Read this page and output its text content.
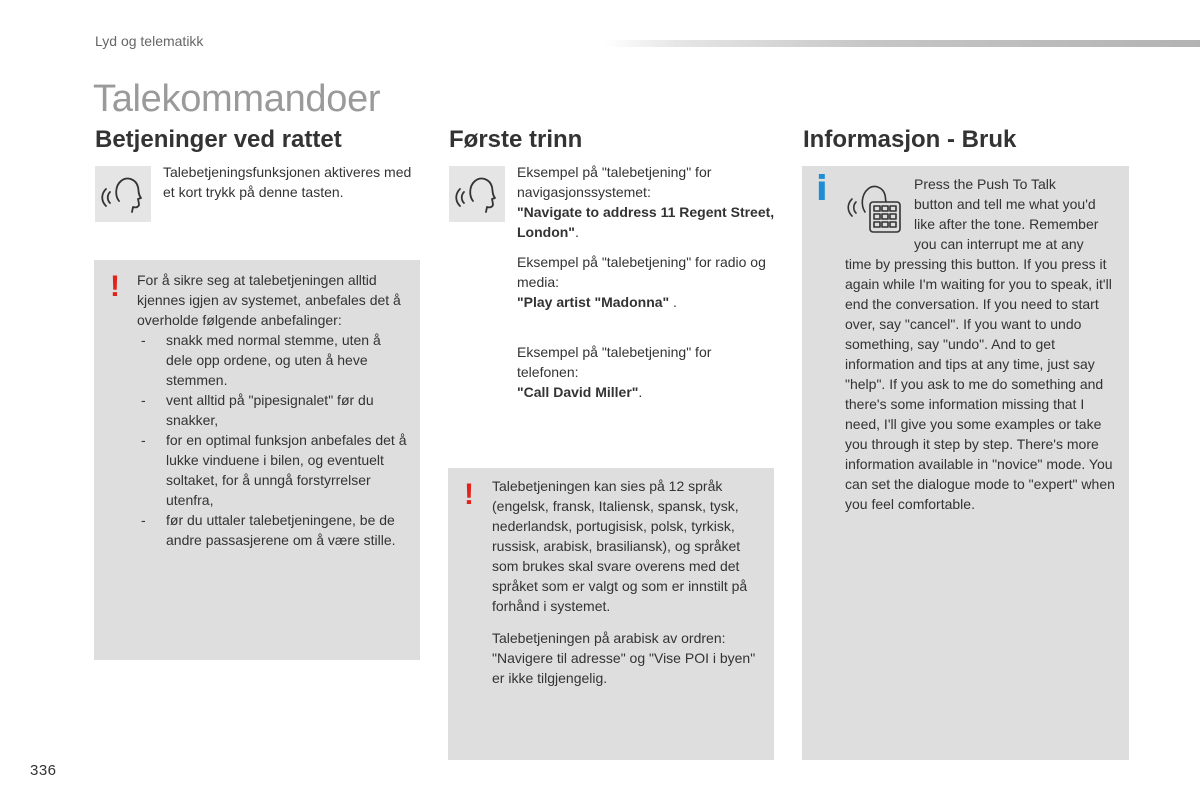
Lyd og telematikk
Talekommandoer
Betjeninger ved rattet
Talebetjeningsfunksjonen aktiveres med et kort trykk på denne tasten.
! For å sikre seg at talebetjeningen alltid kjennes igjen av systemet, anbefales det å overholde følgende anbefalinger:

- snakk med normal stemme, uten å dele opp ordene, og uten å heve stemmen.
- vent alltid på "pipesignalet" før du snakker,
- for en optimal funksjon anbefales det å lukke vinduene i bilen, og eventuelt soltaket, for å unngå forstyrrelser utenfra,
- før du uttaler talebetjeningene, be de andre passasjerene om å være stille.
Første trinn
Eksempel på "talebetjening" for navigasjonssystemet:
"Navigate to address 11 Regent Street, London".
Eksempel på "talebetjening" for radio og media:
"Play artist "Madonna" .
Eksempel på "talebetjening" for telefonen:
"Call David Miller".
! Talebetjeningen kan sies på 12 språk (engelsk, fransk, Italiensk, spansk, tysk, nederlandsk, portugisisk, polsk, tyrkisk, russisk, arabisk, brasiliansk), og språket som brukes skal svare overens med det språket som er valgt og som er innstilt på forhånd i systemet.

Talebetjeningen på arabisk av ordren: "Navigere til adresse" og "Vise POI i byen" er ikke tilgjengelig.

Informasjon - Bruk
i	Press the Push To Talk
button and tell me what you'd
like after the tone. Remember
you can interrupt me at any
time by pressing this button. If you press it again while I'm waiting for you to speak, it'll end the conversation. If you need to start over, say "cancel". If you want to undo something, say "undo". And to get information and tips at any time, just say "help". If you ask to me do something and there's some information missing that I need, I'll give you some examples or take you through it step by step. There's more information available in "novice" mode. You can set the dialogue mode to "expert" when you feel comfortable.
336
